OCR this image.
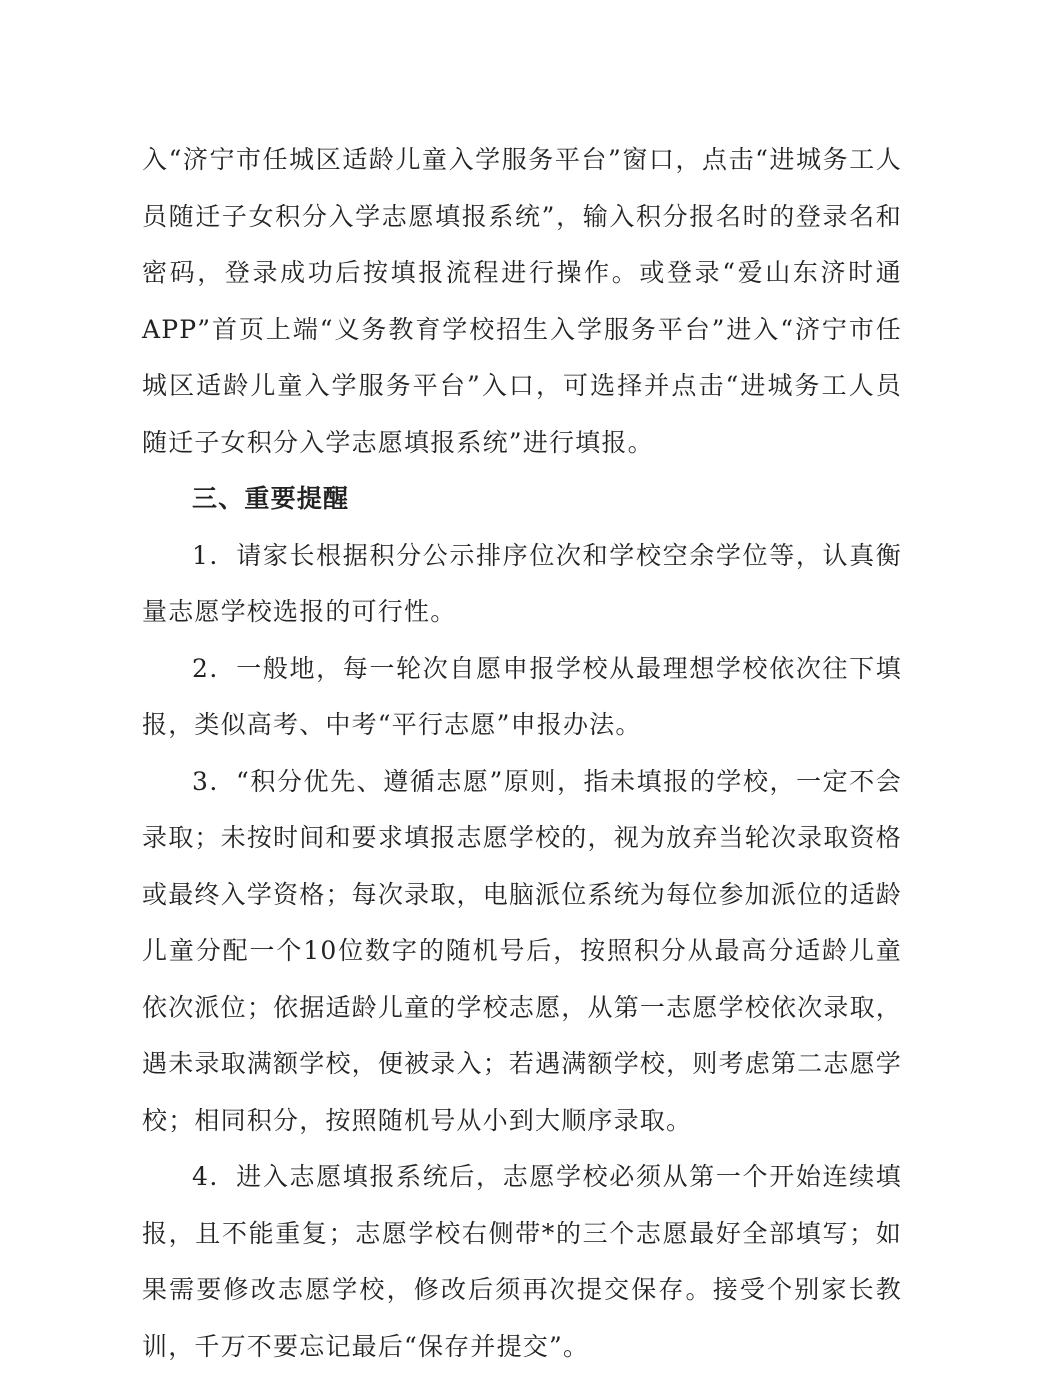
入“济宁市任城区适龄儿童入学服务平台”窗口，点击“进城务工人员随迁子女积分入学志愿填报系统”，输入积分报名时的登录名和密码，登录成功后按填报流程进行操作。或登录“爱山东济时通APP”首页上端“义务教育学校招生入学服务平台”进入“济宁市任城区适龄儿童入学服务平台”入口，可选择并点击“进城务工人员随迁子女积分入学志愿填报系统”进行填报。

三、重要提醒

1．请家长根据积分公示排序位次和学校空余学位等，认真衡量志愿学校选报的可行性。

2．一般地，每一轮次自愿申报学校从最理想学校依次往下填报，类似高考、中考“平行志愿”申报办法。

3．“积分优先、遵循志愿”原则，指未填报的学校，一定不会录取；未按时间和要求填报志愿学校的，视为放弃当轮次录取资格或最终入学资格；每次录取，电脑派位系统为每位参加派位的适龄儿童分配一个10位数字的随机号后，按照积分从最高分适龄儿童依次派位；依据适龄儿童的学校志愿，从第一志愿学校依次录取，遇未录取满额学校，便被录入；若遇满额学校，则考虑第二志愿学校；相同积分，按照随机号从小到大顺序录取。

4．进入志愿填报系统后，志愿学校必须从第一个开始连续填报，且不能重复；志愿学校右侧带*的三个志愿最好全部填写；如果需要修改志愿学校，修改后须再次提交保存。接受个别家长教训，千万不要忘记最后“保存并提交”。
